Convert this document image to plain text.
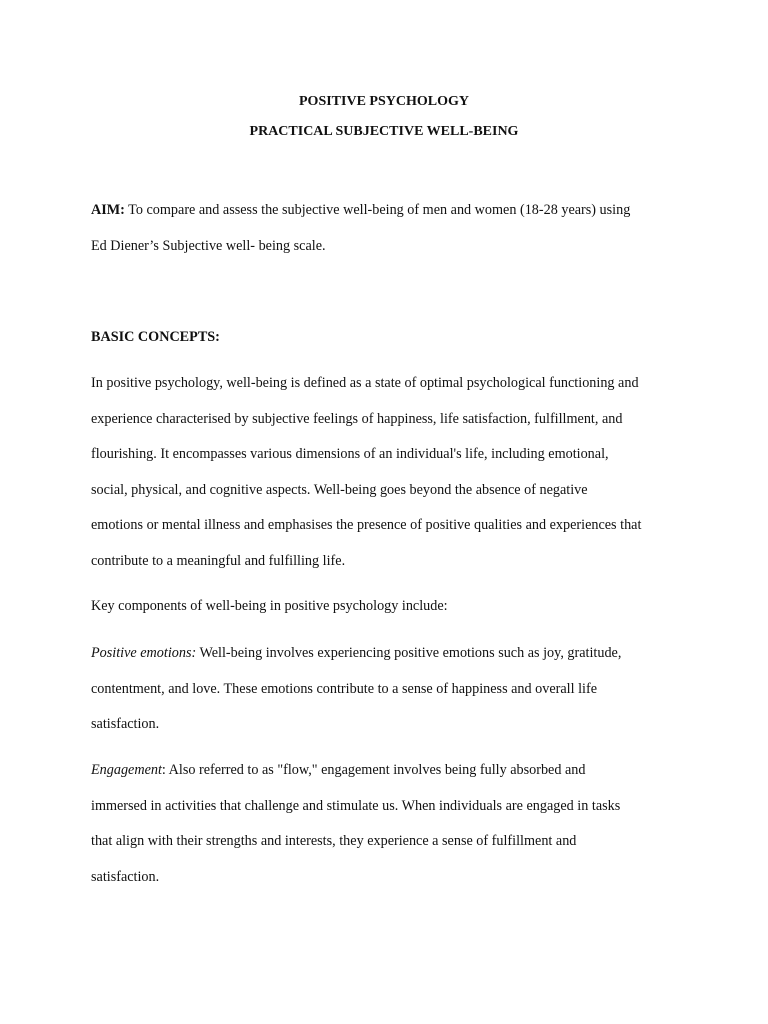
POSITIVE PSYCHOLOGY
PRACTICAL SUBJECTIVE WELL-BEING
AIM: To compare and assess the subjective well-being of men and women (18-28 years) using
Ed Diener’s Subjective well- being scale.
BASIC CONCEPTS:
In positive psychology, well-being is defined as a state of optimal psychological functioning and
experience characterised by subjective feelings of happiness, life satisfaction, fulfillment, and
flourishing. It encompasses various dimensions of an individual's life, including emotional,
social, physical, and cognitive aspects. Well-being goes beyond the absence of negative
emotions or mental illness and emphasises the presence of positive qualities and experiences that
contribute to a meaningful and fulfilling life.
Key components of well-being in positive psychology include:
Positive emotions: Well-being involves experiencing positive emotions such as joy, gratitude,
contentment, and love. These emotions contribute to a sense of happiness and overall life
satisfaction.
Engagement: Also referred to as "flow," engagement involves being fully absorbed and
immersed in activities that challenge and stimulate us. When individuals are engaged in tasks
that align with their strengths and interests, they experience a sense of fulfillment and
satisfaction.
